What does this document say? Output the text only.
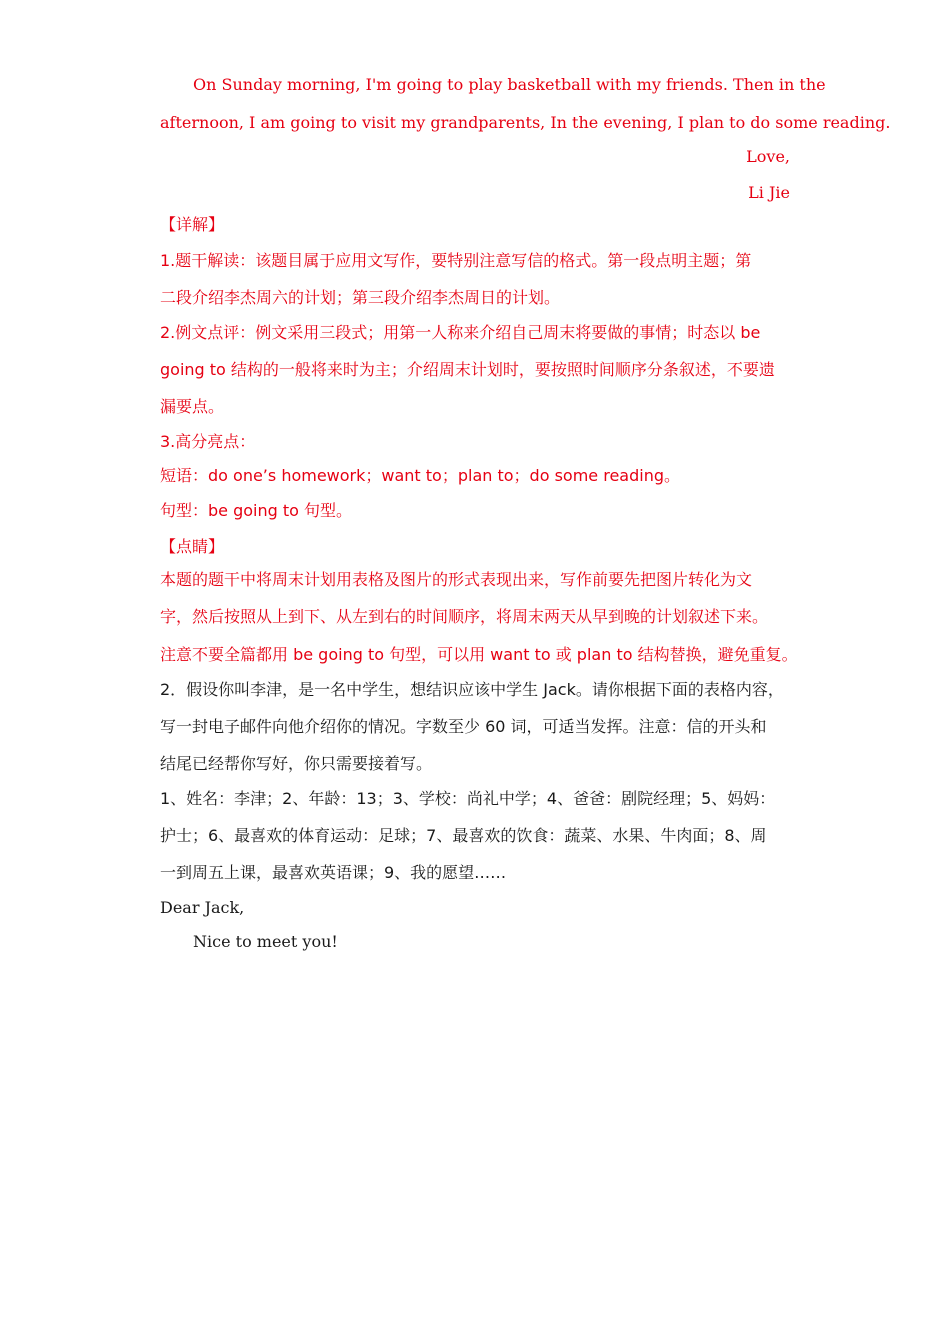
On Sunday morning, I'm going to play basketball with my friends. Then in the
afternoon, I am going to visit my grandparents, In the evening, I plan to do some reading.
Love,
Li Jie
【详解】
1.题干解读：该题目属于应用文写作，要特别注意写信的格式。第一段点明主题；第
二段介绍李杰周六的计划；第三段介绍李杰周日的计划。
2.例文点评：例文采用三段式；用第一人称来介绍自己周末将要做的事情；时态以 be
going to 结构的一般将来时为主；介绍周末计划时，要按照时间顺序分条叙述，不要遗
漏要点。
3.高分亮点：
短语：do one’s homework；want to；plan to；do some reading。
句型：be going to 句型。
【点睛】
本题的题干中将周末计划用表格及图片的形式表现出来，写作前要先把图片转化为文
字，然后按照从上到下、从左到右的时间顺序，将周末两天从早到晚的计划叙述下来。
注意不要全篇都用 be going to 句型，可以用 want to 或 plan to 结构替换，避免重复。
2．假设你叫李津，是一名中学生，想结识应该中学生 Jack。请你根据下面的表格内容，
写一封电子邮件向他介绍你的情况。字数至少 60 词，可适当发挥。注意：信的开头和
结尾已经帮你写好，你只需要接着写。
1、姓名：李津；2、年龄：13；3、学校：尚礼中学；4、爸爸：剧院经理；5、妈妈：
护士；6、最喜欢的体育运动：足球；7、最喜欢的饮食：蔬菜、水果、牛肉面；8、周
一到周五上课，最喜欢英语课；9、我的愿望……
Dear Jack,
Nice to meet you!
